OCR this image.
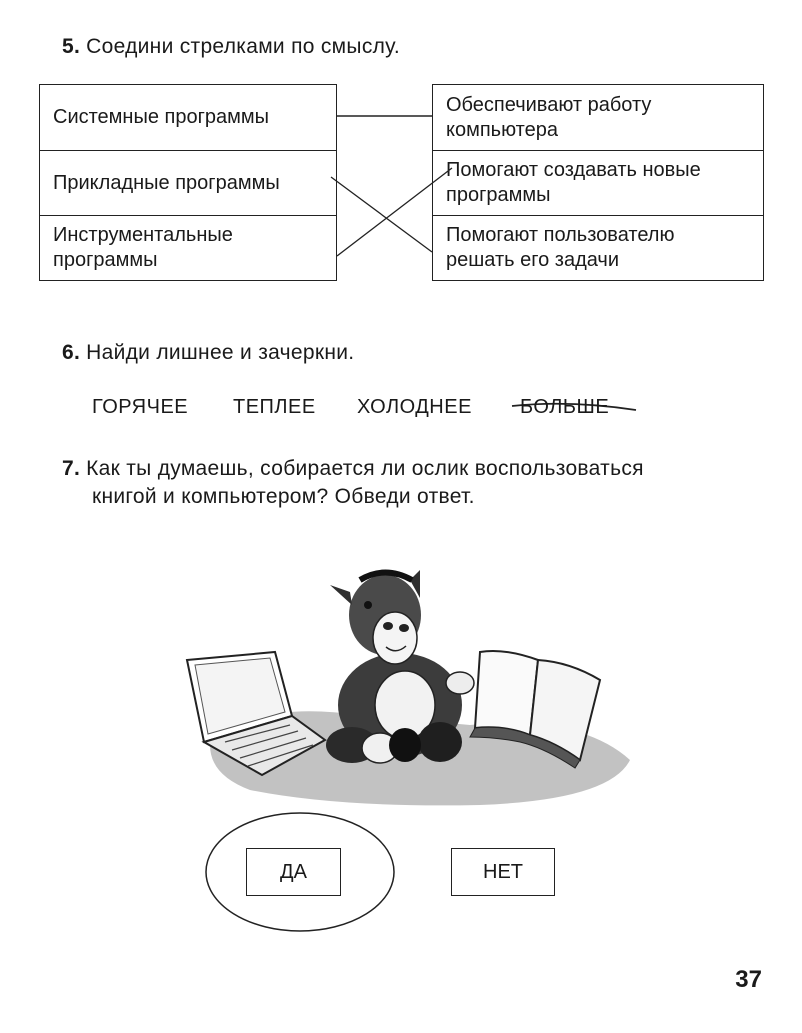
5. Соедини стрелками по смыслу.
Системные программы
Прикладные программы
Инструментальные программы
Обеспечивают работу компьютера
Помогают создавать новые программы
Помогают пользователю решать его задачи
6. Найди лишнее и зачеркни.
ГОРЯЧЕЕ ТЕПЛЕЕ ХОЛОДНЕЕ БОЛЬШЕ
7. Как ты думаешь, собирается ли ослик воспользоваться
книгой и компьютером? Обведи ответ.
ДА	НЕТ
37
